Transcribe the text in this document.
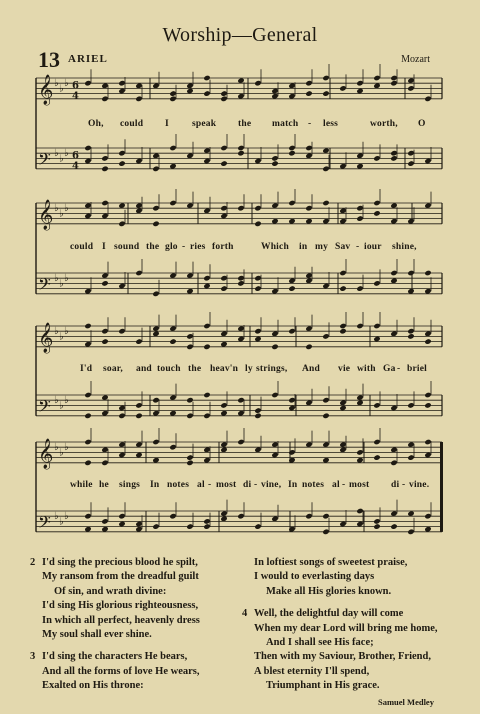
Worship—General
13 ARIEL	Mozart
𝄞 ♭ ♭ ♭ 6
4
𝄢 ♭ ♭ ♭ 6
4
𝄞 ♭ ♭ ♭
𝄢 ♭ ♭ ♭
𝄞 ♭ ♭ ♭
𝄢 ♭ ♭ ♭
𝄞 ♭ ♭ ♭
𝄢 ♭ ♭ ♭
Oh, could I speak the match - less	worth, O
could I sound the glo - ries forth	Which in my Sav - iour shine,
I'd soar, and touch the heav'n ly strings, And vie with Ga - briel
while he sings In notes al - most di - vine, In notes al - most di - vine.
2 I'd sing the precious blood he spilt,
My ransom from the dreadful guilt
Of sin, and wrath divine:
I'd sing His glorious righteousness,
In which all perfect, heavenly dress
My soul shall ever shine.
3 I'd sing the characters He bears,
And all the forms of love He wears,
Exalted on His throne:
In loftiest songs of sweetest praise,
I would to everlasting days
Make all His glories known.
4 Well, the delightful day will come
When my dear Lord will bring me home,
And I shall see His face;
Then with my Saviour, Brother, Friend,
A blest eternity I'll spend,
Triumphant in His grace.
Samuel Medley
